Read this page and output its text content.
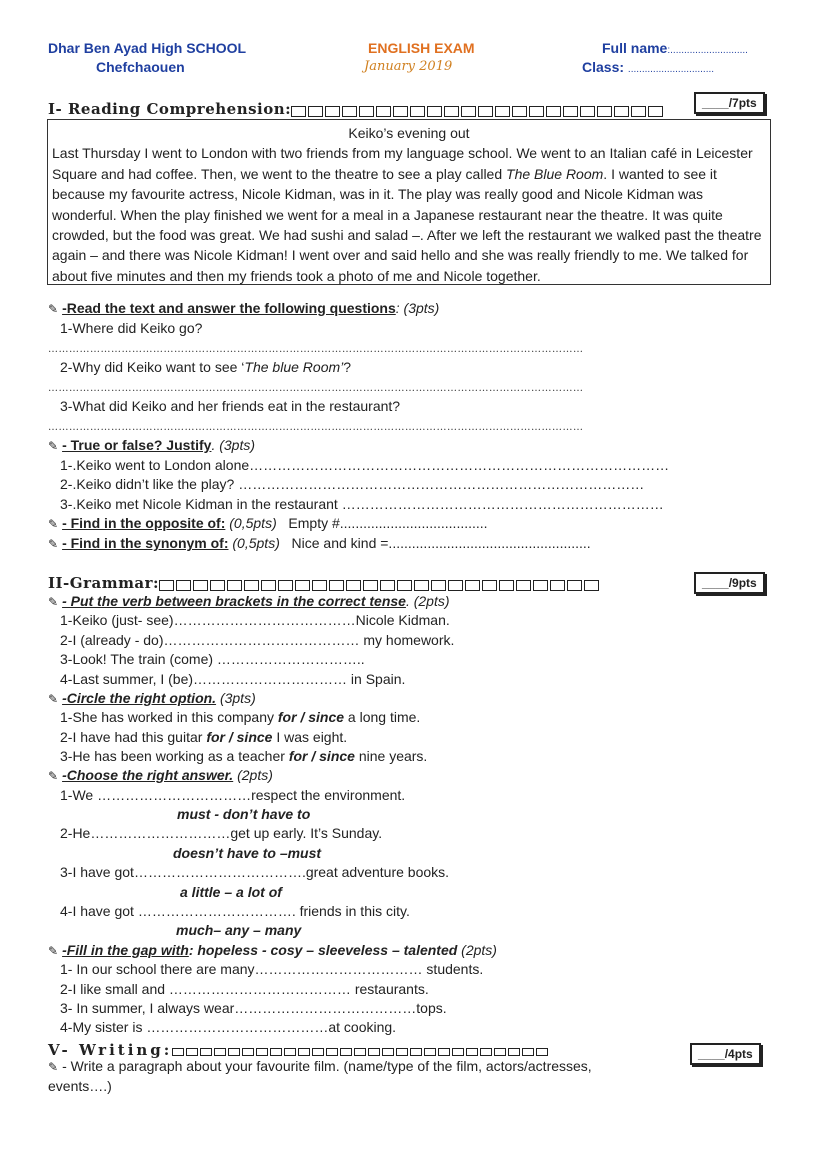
Dhar Ben Ayad High SCHOOL
Chefchaouen
ENGLISH EXAM
January 2019
Full name:............................
Class: ...............................
I- Reading Comprehension:	____/7pts
Keiko’s evening out
Last Thursday I went to London with two friends from my language school. We went to an Italian café in Leicester Square and had coffee. Then, we went to the theatre to see a play called The Blue Room. I wanted to see it because my favourite actress, Nicole Kidman, was in it. The play was really good and Nicole Kidman was wonderful. When the play finished we went for a meal in a Japanese restaurant near the theatre. It was quite crowded, but the food was great. We had sushi and salad –. After we left the restaurant we walked past the theatre again – and there was Nicole Kidman! I went over and said hello and she was really friendly to me. We talked for about five minutes and then my friends took a photo of me and Nicole together.
✎ -Read the text and answer the following questions: (3pts)
1-Where did Keiko go?
………………………………………………………………………………………………………………………………………
2-Why did Keiko want to see ‘The blue Room’?
………………………………………………………………………………………………………………………………………
3-What did Keiko and her friends eat in the restaurant?
………………………………………………………………………………………………………………………………………
✎ - True or false? Justify. (3pts)
1-.Keiko went to London alone………………………………………………………………………………
2-.Keiko didn’t like the play? ……………………………………………………………………………
3-.Keiko met Nicole Kidman in the restaurant ……………………………………………………………
✎ - Find in the opposite of: (0,5pts) Empty #......................................
✎ - Find in the synonym of: (0,5pts) Nice and kind =....................................................
II-Grammar:	____/9pts
✎ - Put the verb between brackets in the correct tense. (2pts)
1-Keiko (just- see)…………………………………Nicole Kidman.
2-I (already - do)…………………………………… my homework.
3-Look! The train (come) …………………………..
4-Last summer, I (be)…………………………… in Spain.
✎ -Circle the right option. (3pts)
1-She has worked in this company for / since a long time.
2-I have had this guitar for / since I was eight.
3-He has been working as a teacher for / since nine years.
✎ -Choose the right answer. (2pts)
1-We ……………………………respect the environment.
must - don’t have to
2-He…………………………get up early. It’s Sunday.
doesn’t have to –must
3-I have got……………………………….great adventure books.
a little – a lot of
4-I have got ……………………………. friends in this city.
much– any – many
✎ -Fill in the gap with: hopeless - cosy – sleeveless – talented (2pts)
1- In our school there are many……………………………… students.
2-I like small and ………………………………… restaurants.
3- In summer, I always wear…………………………………tops.
4-My sister is …………………………………at cooking.
V- Writing:	____/4pts
✎ - Write a paragraph about your favourite film. (name/type of the film, actors/actresses,
events….)
